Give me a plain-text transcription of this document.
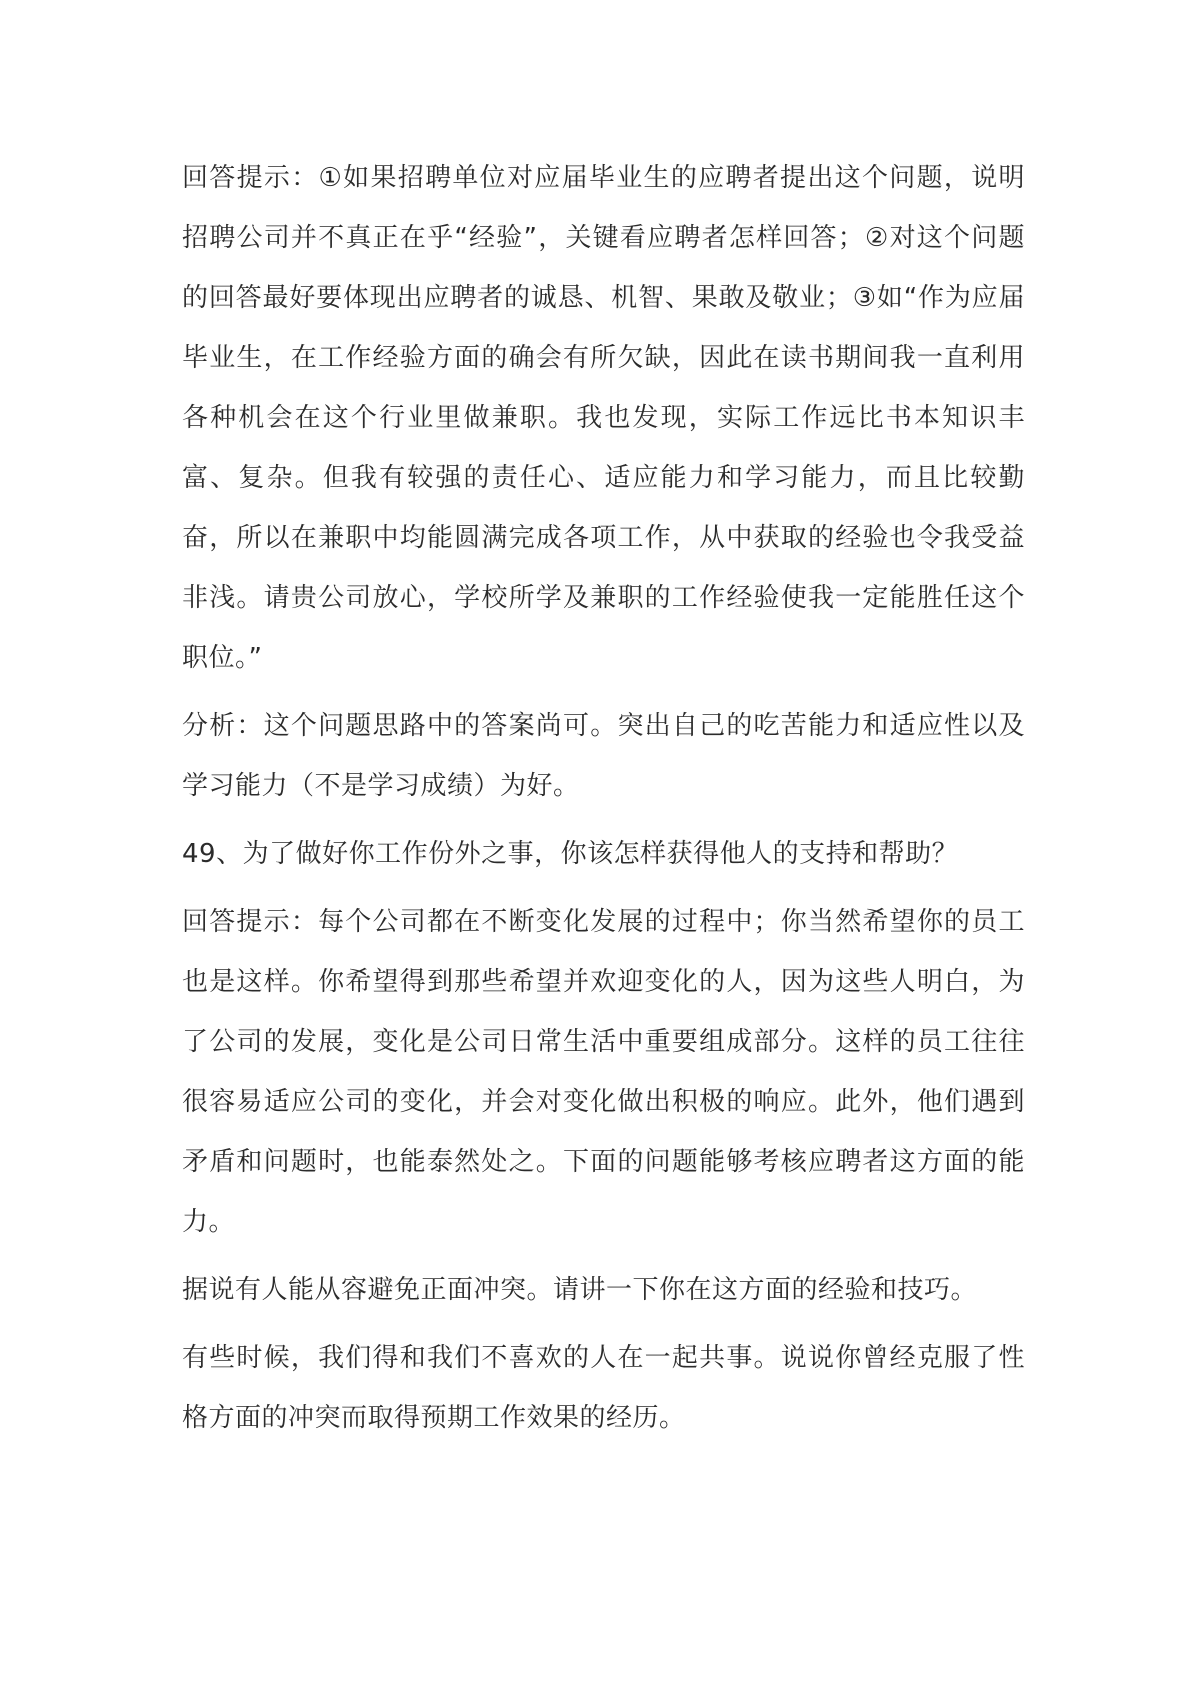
回答提示：①如果招聘单位对应届毕业生的应聘者提出这个问题，说明招聘公司并不真正在乎“经验”，关键看应聘者怎样回答；②对这个问题的回答最好要体现出应聘者的诚恳、机智、果敢及敬业；③如“作为应届毕业生，在工作经验方面的确会有所欠缺，因此在读书期间我一直利用各种机会在这个行业里做兼职。我也发现，实际工作远比书本知识丰富、复杂。但我有较强的责任心、适应能力和学习能力，而且比较勤奋，所以在兼职中均能圆满完成各项工作，从中获取的经验也令我受益非浅。请贵公司放心，学校所学及兼职的工作经验使我一定能胜任这个职位。”

分析：这个问题思路中的答案尚可。突出自己的吃苦能力和适应性以及学习能力（不是学习成绩）为好。

49、为了做好你工作份外之事，你该怎样获得他人的支持和帮助？

回答提示：每个公司都在不断变化发展的过程中；你当然希望你的员工也是这样。你希望得到那些希望并欢迎变化的人，因为这些人明白，为了公司的发展，变化是公司日常生活中重要组成部分。这样的员工往往很容易适应公司的变化，并会对变化做出积极的响应。此外，他们遇到矛盾和问题时，也能泰然处之。下面的问题能够考核应聘者这方面的能力。

据说有人能从容避免正面冲突。请讲一下你在这方面的经验和技巧。

有些时候，我们得和我们不喜欢的人在一起共事。说说你曾经克服了性格方面的冲突而取得预期工作效果的经历。
